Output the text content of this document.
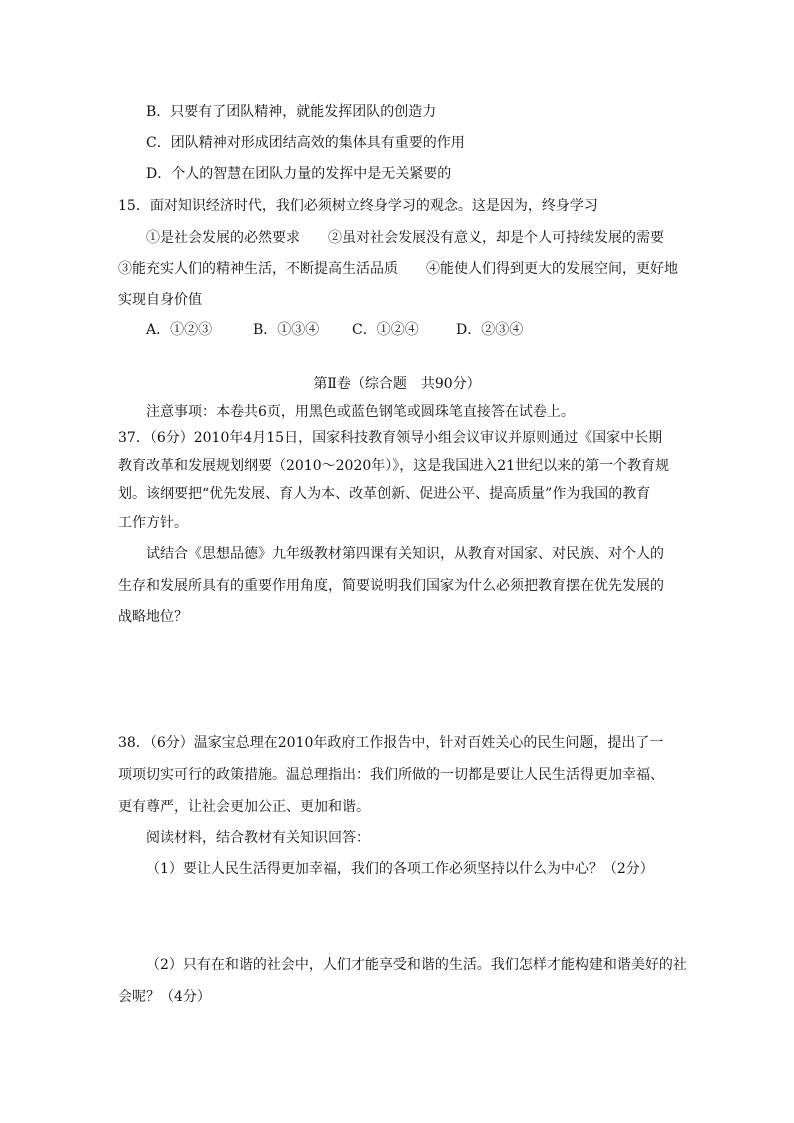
B．只要有了团队精神，就能发挥团队的创造力
C．团队精神对形成团结高效的集体具有重要的作用
D．个人的智慧在团队力量的发挥中是无关紧要的
15．面对知识经济时代，我们必须树立终身学习的观念。这是因为，终身学习
①是社会发展的必然要求　　②虽对社会发展没有意义，却是个人可持续发展的需要
③能充实人们的精神生活，不断提高生活品质　　④能使人们得到更大的发展空间，更好地
实现自身价值
A．①②③	B．①③④ C．①②④	D．②③④
第Ⅱ卷（综合题　共90分）
注意事项：本卷共6页，用黑色或蓝色钢笔或圆珠笔直接答在试卷上。
37．（6分）2010年4月15日，国家科技教育领导小组会议审议并原则通过《国家中长期
教育改革和发展规划纲要（2010～2020年）》，这是我国进入21世纪以来的第一个教育规
划。该纲要把“优先发展、育人为本、改革创新、促进公平、提高质量”作为我国的教育
工作方针。
试结合《思想品德》九年级教材第四课有关知识，从教育对国家、对民族、对个人的
生存和发展所具有的重要作用角度，简要说明我们国家为什么必须把教育摆在优先发展的
战略地位？
38．（6分）温家宝总理在2010年政府工作报告中，针对百姓关心的民生问题，提出了一
项项切实可行的政策措施。温总理指出：我们所做的一切都是要让人民生活得更加幸福、
更有尊严，让社会更加公正、更加和谐。
阅读材料，结合教材有关知识回答：
（1）要让人民生活得更加幸福，我们的各项工作必须坚持以什么为中心？（2分）
（2）只有在和谐的社会中，人们才能享受和谐的生活。我们怎样才能构建和谐美好的社
会呢？（4分）
